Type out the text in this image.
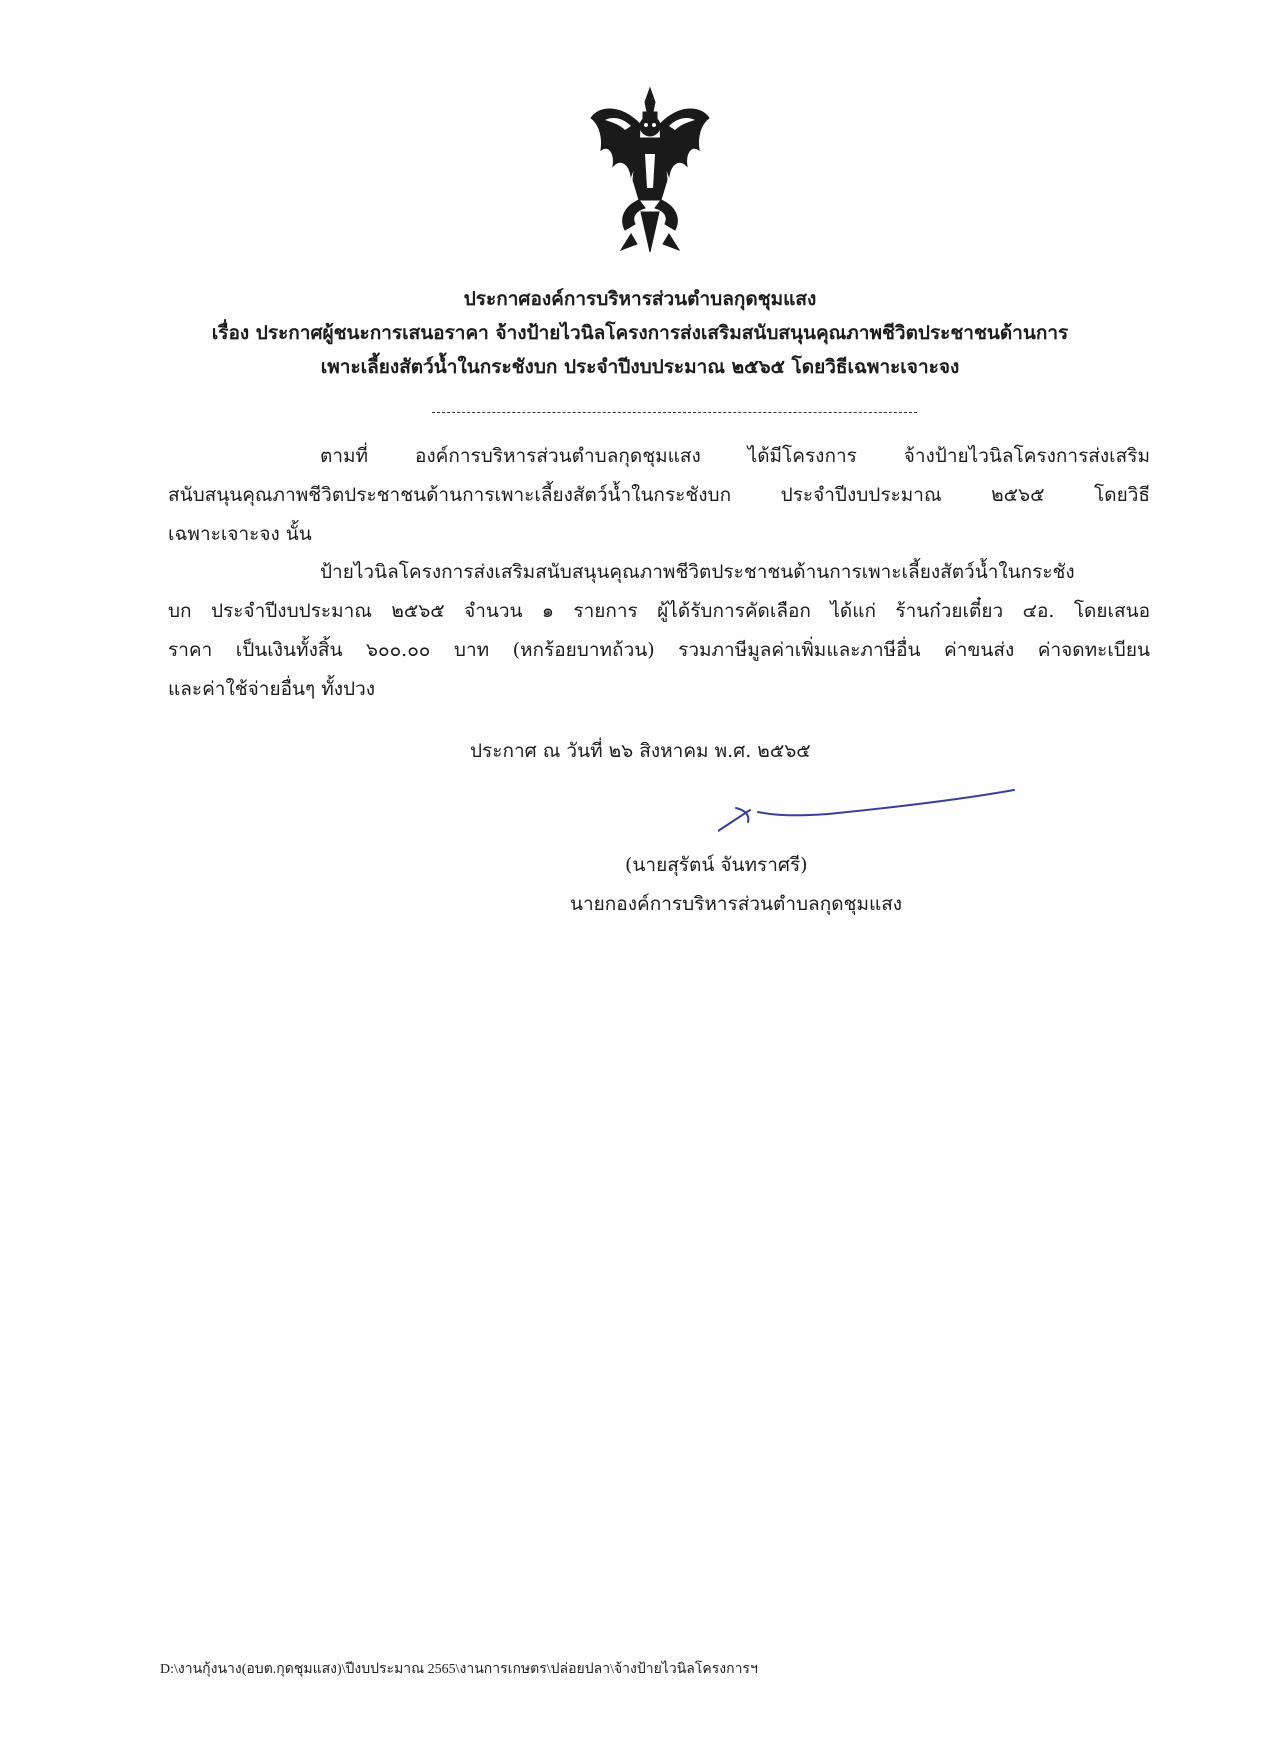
ประกาศองค์การบริหารส่วนตำบลกุดชุมแสง
เรื่อง ประกาศผู้ชนะการเสนอราคา จ้างป้ายไวนิลโครงการส่งเสริมสนับสนุนคุณภาพชีวิตประชาชนด้านการ
เพาะเลี้ยงสัตว์น้ำในกระชังบก ประจำปีงบประมาณ ๒๕๖๕ โดยวิธีเฉพาะเจาะจง
ตามที่ องค์การบริหารส่วนตำบลกุดชุมแสง ได้มีโครงการ จ้างป้ายไวนิลโครงการส่งเสริม
สนับสนุนคุณภาพชีวิตประชาชนด้านการเพาะเลี้ยงสัตว์น้ำในกระชังบก ประจำปีงบประมาณ ๒๕๖๕ โดยวิธี
เฉพาะเจาะจง นั้น
ป้ายไวนิลโครงการส่งเสริมสนับสนุนคุณภาพชีวิตประชาชนด้านการเพาะเลี้ยงสัตว์น้ำในกระชัง
บก ประจำปีงบประมาณ ๒๕๖๕ จำนวน ๑ รายการ ผู้ได้รับการคัดเลือก ได้แก่ ร้านก๋วยเตี๋ยว ๔อ. โดยเสนอ
ราคา เป็นเงินทั้งสิ้น ๖๐๐.๐๐ บาท (หกร้อยบาทถ้วน) รวมภาษีมูลค่าเพิ่มและภาษีอื่น ค่าขนส่ง ค่าจดทะเบียน
และค่าใช้จ่ายอื่นๆ ทั้งปวง
ประกาศ ณ วันที่ ๒๖ สิงหาคม พ.ศ. ๒๕๖๕
(นายสุรัตน์ จันทราศรี)
นายกองค์การบริหารส่วนตำบลกุดชุมแสง
D:\งานกุ้งนาง(อบต.กุดชุมแสง)\ปีงบประมาณ 2565\งานการเกษตร\ปล่อยปลา\จ้างป้ายไวนิลโครงการฯ
